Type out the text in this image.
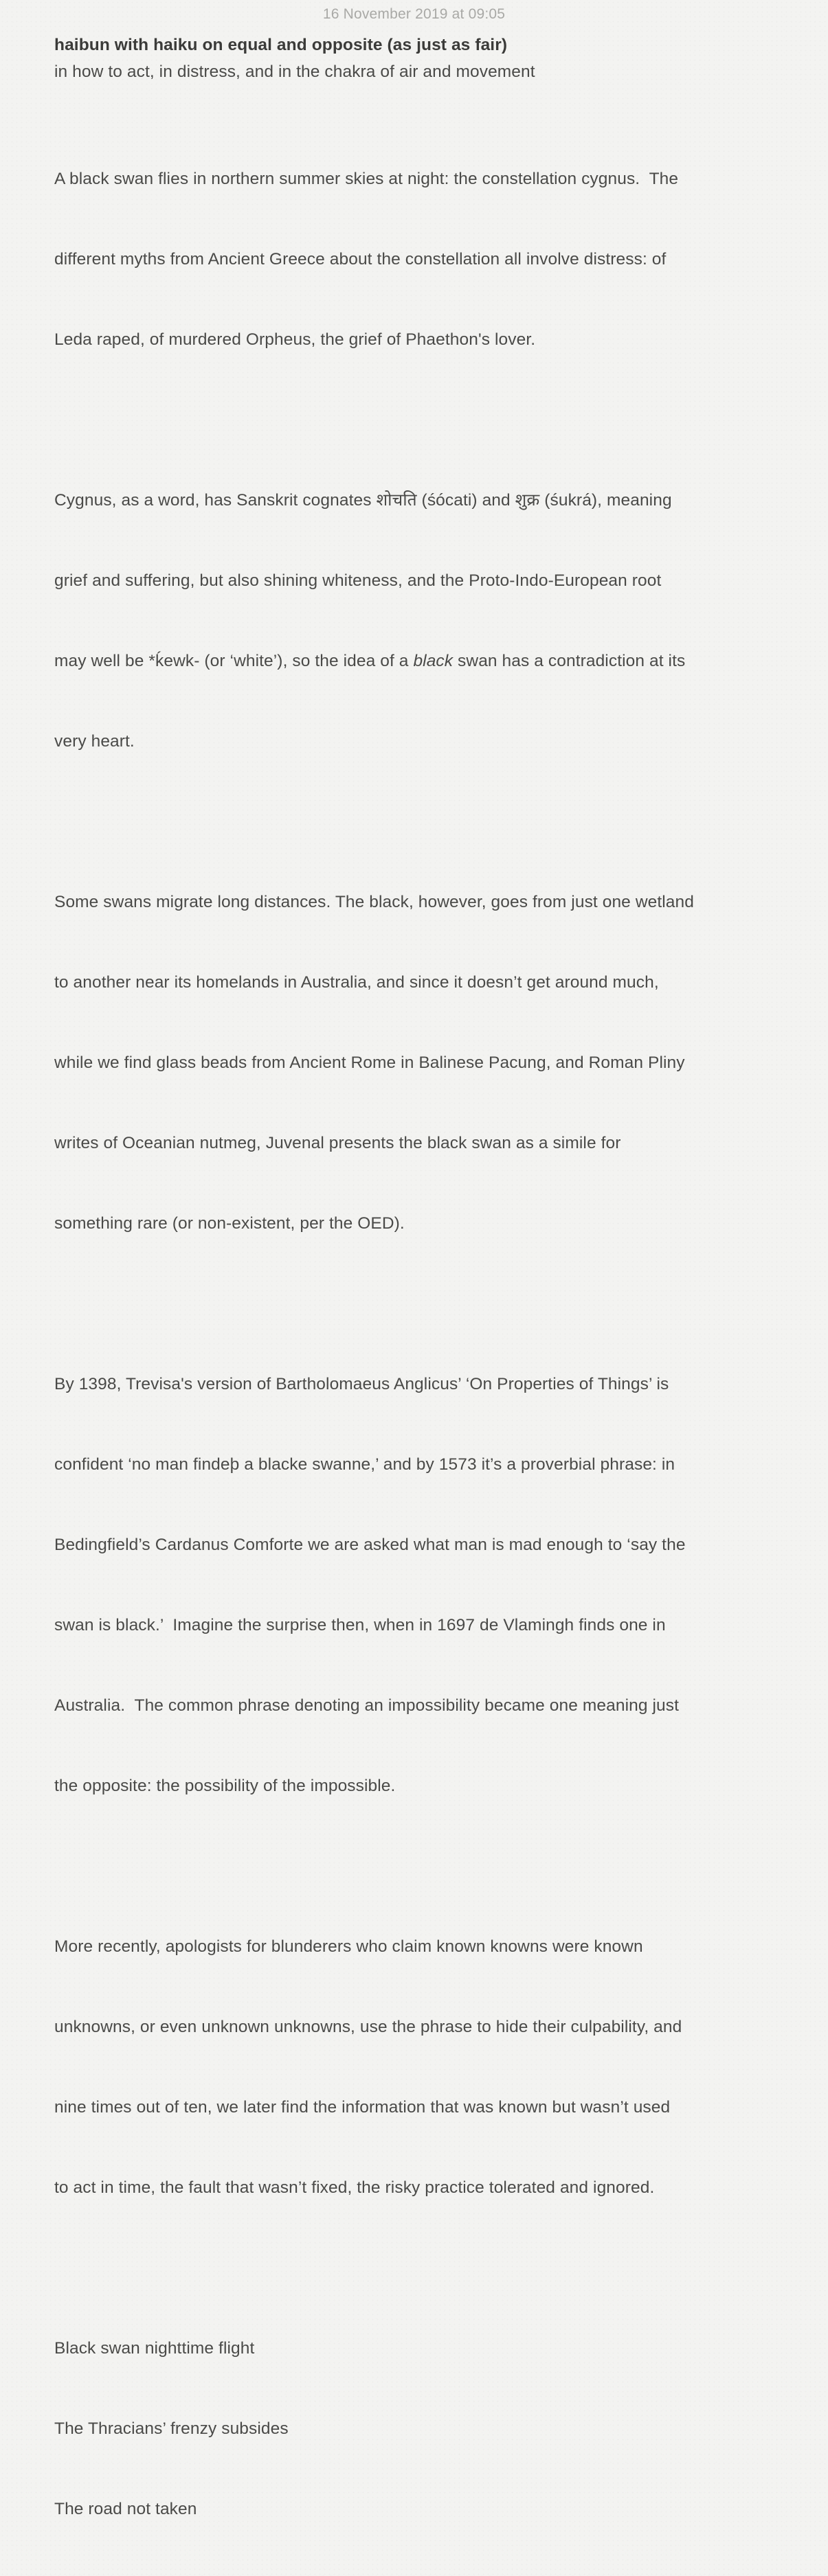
16 November 2019 at 09:05
haibun with haiku on equal and opposite (as just as fair)
in how to act, in distress, and in the chakra of air and movement

A black swan flies in northern summer skies at night: the constellation cygnus.  The

different myths from Ancient Greece about the constellation all involve distress: of

Leda raped, of murdered Orpheus, the grief of Phaethon's lover.

Cygnus, as a word, has Sanskrit cognates शोचति (śócati) and शुक्र (śukrá), meaning

grief and suffering, but also shining whiteness, and the Proto-Indo-European root

may well be *ḱewk- (or ‘white’), so the idea of a black swan has a contradiction at its

very heart.

Some swans migrate long distances. The black, however, goes from just one wetland

to another near its homelands in Australia, and since it doesn’t get around much,

while we find glass beads from Ancient Rome in Balinese Pacung, and Roman Pliny

writes of Oceanian nutmeg, Juvenal presents the black swan as a simile for

something rare (or non-existent, per the OED).

By 1398, Trevisa's version of Bartholomaeus Anglicus’ ‘On Properties of Things’ is

confident ‘no man findeþ a blacke swanne,’ and by 1573 it’s a proverbial phrase: in

Bedingfield’s Cardanus Comforte we are asked what man is mad enough to ‘say the

swan is black.’  Imagine the surprise then, when in 1697 de Vlamingh finds one in

Australia.  The common phrase denoting an impossibility became one meaning just

the opposite: the possibility of the impossible.

More recently, apologists for blunderers who claim known knowns were known

unknowns, or even unknown unknowns, use the phrase to hide their culpability, and

nine times out of ten, we later find the information that was known but wasn’t used

to act in time, the fault that wasn’t fixed, the risky practice tolerated and ignored.

Black swan nighttime flight

The Thracians’ frenzy subsides

The road not taken
